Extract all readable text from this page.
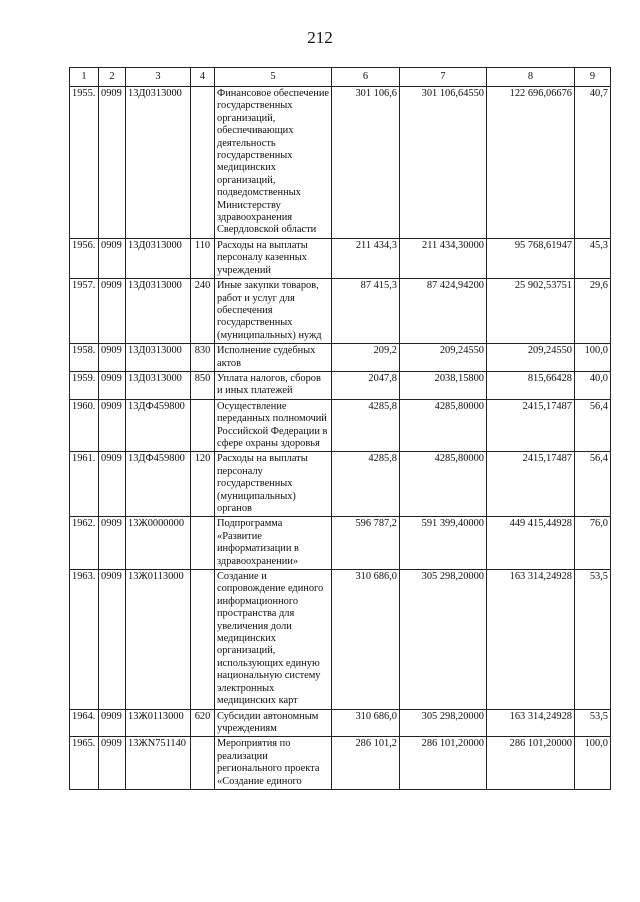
212
1	2	3	4	5	6	7	8	9
1955.	0909	13Д0313000		Финансовое обеспечение государственных организаций, обеспечивающих деятельность государственных медицинских организаций, подведомственных Министерству здравоохранения Свердловской области	301 106,6	301 106,64550	122 696,06676	40,7
1956.	0909	13Д0313000	110	Расходы на выплаты персоналу казенных учреждений	211 434,3	211 434,30000	95 768,61947	45,3
1957.	0909	13Д0313000	240	Иные закупки товаров, работ и услуг для обеспечения государственных (муниципальных) нужд	87 415,3	87 424,94200	25 902,53751	29,6
1958.	0909	13Д0313000	830	Исполнение судебных актов	209,2	209,24550	209,24550	100,0
1959.	0909	13Д0313000	850	Уплата налогов, сборов и иных платежей	2047,8	2038,15800	815,66428	40,0
1960.	0909	13ДФ459800		Осуществление переданных полномочий Российской Федерации в сфере охраны здоровья	4285,8	4285,80000	2415,17487	56,4
1961.	0909	13ДФ459800	120	Расходы на выплаты персоналу государственных (муниципальных) органов	4285,8	4285,80000	2415,17487	56,4
1962.	0909	13Ж0000000		Подпрограмма «Развитие информатизации в здравоохранении»	596 787,2	591 399,40000	449 415,44928	76,0
1963.	0909	13Ж0113000		Создание и сопровождение единого информационного пространства для увеличения доли медицинских организаций, использующих единую национальную систему электронных медицинских карт	310 686,0	305 298,20000	163 314,24928	53,5
1964.	0909	13Ж0113000	620	Субсидии автономным учреждениям	310 686,0	305 298,20000	163 314,24928	53,5
1965.	0909	13ЖN751140		Мероприятия по реализации регионального проекта «Создание единого	286 101,2	286 101,20000	286 101,20000	100,0
